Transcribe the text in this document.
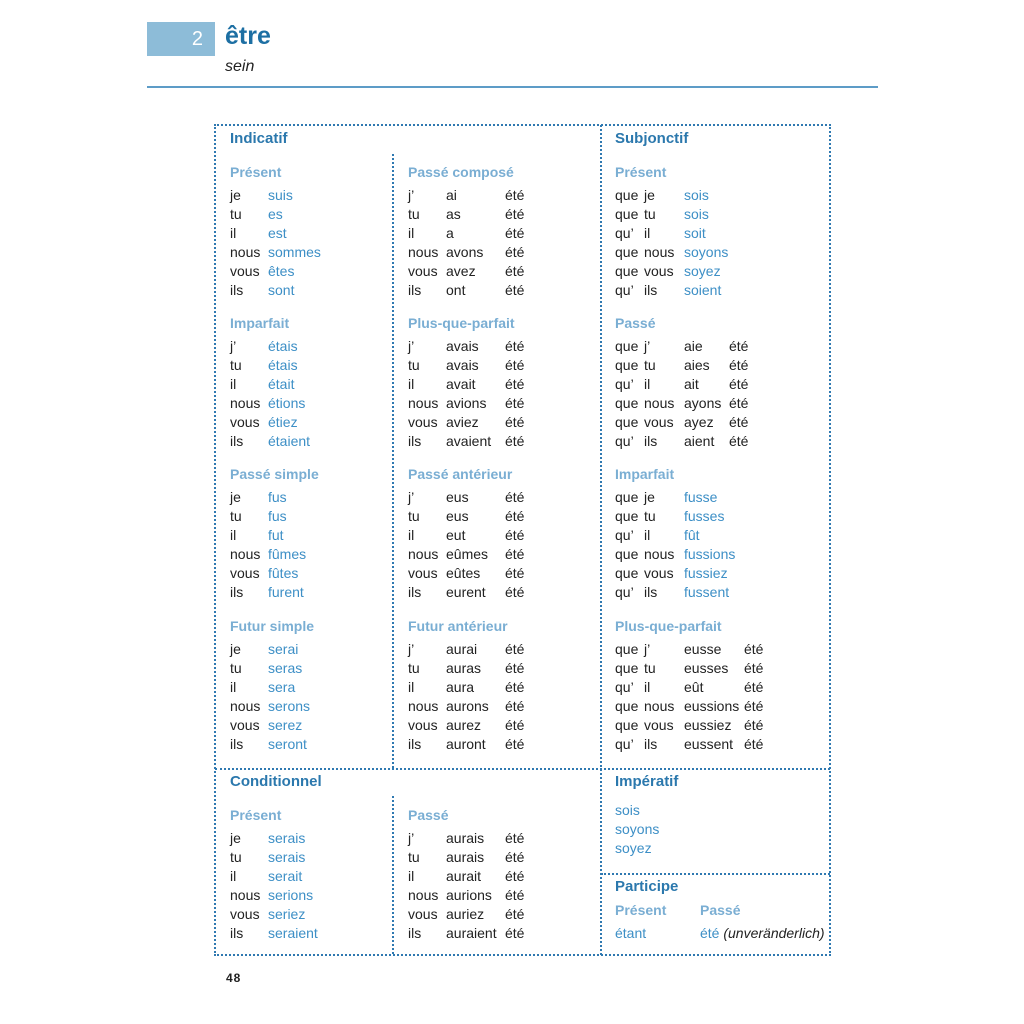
2 être
sein
Indicatif
Présent
je suis
tu es
il est
nous sommes
vous êtes
ils sont
Imparfait
j’ étais
tu étais
il était
nous étions
vous étiez
ils étaient
Passé simple
je fus
tu fus
il fut
nous fûmes
vous fûtes
ils furent
Futur simple
je serai
tu seras
il sera
nous serons
vous serez
ils seront
Passé composé
j’ ai	été
tu as	été
il a	été
nous avons été
vous avez été
ils ont	été
Plus-que-parfait
j’ avais été
tu avais été
il avait été
nous avions été
vous aviez été
ils avaient été
Passé antérieur
j’ eus	été
tu eus	été
il eut	été
nous eûmes été
vous eûtes été
ils eurent été
Futur antérieur
j’ aurai été
tu auras été
il aura été
nous aurons été
vous aurez été
ils auront été
Subjonctif
Présent
que je sois
que tu sois
qu’ il soit
que nous soyons
que vous soyez
qu’ ils soient
Passé
que j’ aie été
que tu aies été
qu’ il ait été
que nous ayons été
que vous ayez été
qu’ ils aient été
Imparfait
que je fusse
que tu fusses
qu’ il fût
que nous fussions
que vous fussiez
qu’ ils fussent
Plus-que-parfait
que j’ eusse été
que tu eusses été
qu’ il eût	été
que nous eussions été
que vous eussiez été
qu’ ils eussent été
Conditionnel
Présent
je serais
tu serais
il serait
nous serions
vous seriez
ils seraient
Passé
j’ aurais été
tu aurais été
il aurait été
nous aurions été
vous auriez été
ils auraient été
Impératif
sois
soyons
soyez
Participe
Présent Passé
étant	été (unveränderlich)
48
